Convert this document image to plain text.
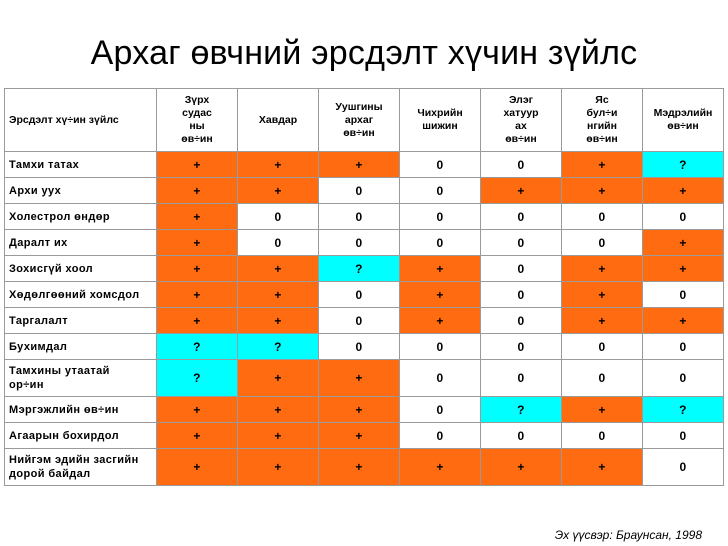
Архаг өвчний эрсдэлт хүчин зүйлс
Эрсдэлт хү÷ин зүйлс	Зүрх
судас
ны
өв÷ин	Хавдар	Уушгины
архаг
өв÷ин	Чихрийн
шижин	Элэг
хатуур
ах
өв÷ин	Яс
бул÷и
нгийн
өв÷ин	Мэдрэлийн
өв÷ин

Тамхи татах	+	+	+	0	0	+	?

Архи уух	+	+	0	0	+	+	+

Холестрол өндөр	+	0	0	0	0	0	0

Даралт их	+	0	0	0	0	0	+

Зохисгүй хоол	+	+	?	+	0	+	+

Хөдөлгөөний хомсдол	+	+	0	+	0	+	0

Таргалалт	+	+	0	+	0	+	+

Бухимдал	?	?	0	0	0	0	0

Тамхины утаатай
ор÷ин	?	+	+	0	0	0	0

Мэргэжлийн өв÷ин	+	+	+	0	?	+	?

Агаарын бохирдол	+	+	+	0	0	0	0

Нийгэм эдийн засгийн
дорой байдал	+	+	+	+	+	+	0
Эх үүсвэр: Браунсан, 1998
